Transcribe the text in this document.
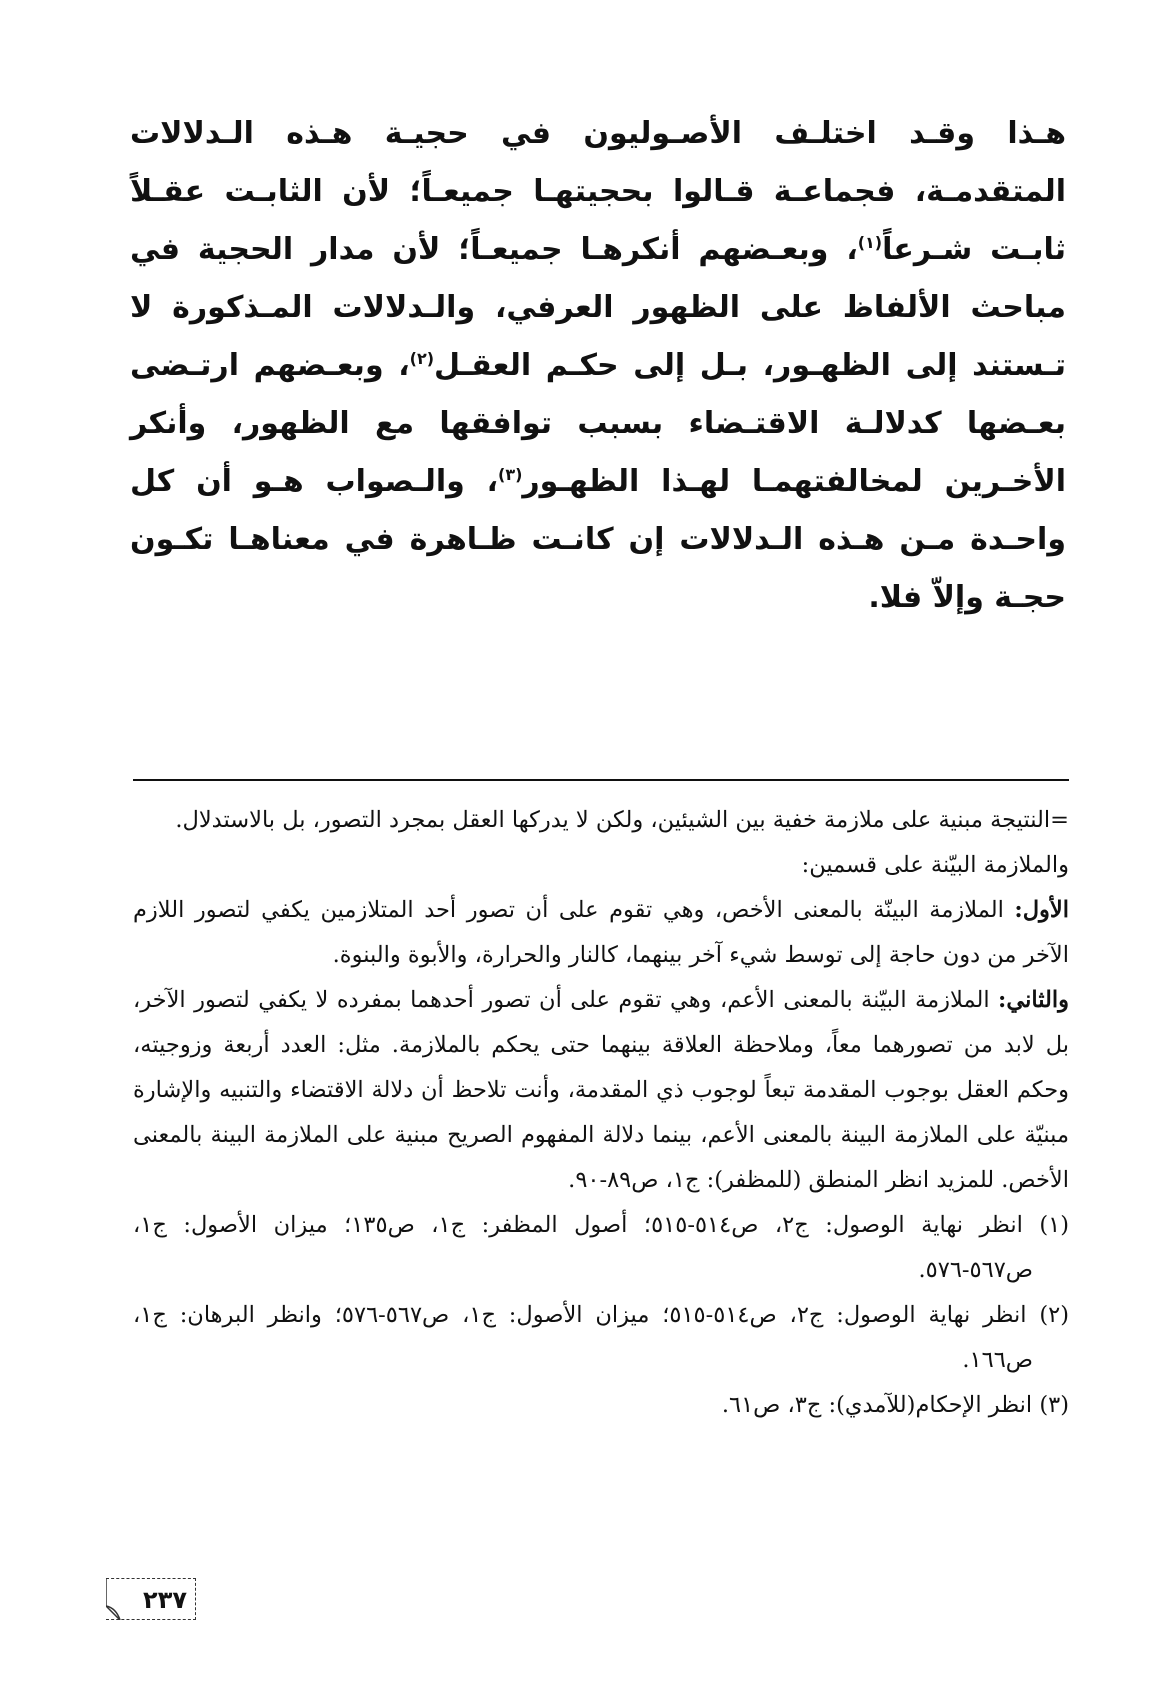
هـذا وقـد اختلـف الأصـوليون في حجيـة هـذه الـدلالات المتقدمـة، فجماعـة قـالوا بحجيتهـا جميعـاً؛ لأن الثابـت عقـلاً ثابـت شـرعاً$^{(١)}$، وبعـضهم أنكرهـا جميعـاً؛ لأن مدار الحجية في مباحث الألفاظ على الظهور العرفي، والـدلالات المـذكورة لا تـستند إلى الظهـور، بـل إلى حكـم العقـل$^{(٢)}$، وبعـضهم ارتـضى بعـضها كدلالـة الاقتـضاء بسبب توافقها مع الظهور، وأنكر الأخـرين لمخالفتهمـا لهـذا الظهـور$^{(٣)}$، والـصواب هـو أن كل واحـدة مـن هـذه الـدلالات إن كانـت ظـاهرة في معناهـا تكـون حجـة وإلاّ فلا.
=النتيجة مبنية على ملازمة خفية بين الشيئين، ولكن لا يدركها العقل بمجرد التصور، بل بالاستدلال.
والملازمة البيّنة على قسمين:
الأول: الملازمة البينّة بالمعنى الأخص، وهي تقوم على أن تصور أحد المتلازمين يكفي لتصور اللازم الآخر من دون حاجة إلى توسط شيء آخر بينهما، كالنار والحرارة، والأبوة والبنوة.
والثاني: الملازمة البيّنة بالمعنى الأعم، وهي تقوم على أن تصور أحدهما بمفرده لا يكفي لتصور الآخر، بل لابد من تصورهما معاً، وملاحظة العلاقة بينهما حتى يحكم بالملازمة. مثل: العدد أربعة وزوجيته، وحكم العقل بوجوب المقدمة تبعاً لوجوب ذي المقدمة، وأنت تلاحظ أن دلالة الاقتضاء والتنبيه والإشارة مبنيّة على الملازمة البينة بالمعنى الأعم، بينما دلالة المفهوم الصريح مبنية على الملازمة البينة بالمعنى الأخص. للمزيد انظر المنطق (للمظفر): ج١، ص٨٩-٩٠.
(١) انظر نهاية الوصول: ج٢، ص٥١٤-٥١٥؛ أصول المظفر: ج١، ص١٣٥؛ ميزان الأصول: ج١، ص٥٦٧-٥٧٦.
(٢) انظر نهاية الوصول: ج٢، ص٥١٤-٥١٥؛ ميزان الأصول: ج١، ص٥٦٧-٥٧٦؛ وانظر البرهان: ج١، ص١٦٦.
(٣) انظر الإحكام(للآمدي): ج٣، ص٦١.
٢٣٧
